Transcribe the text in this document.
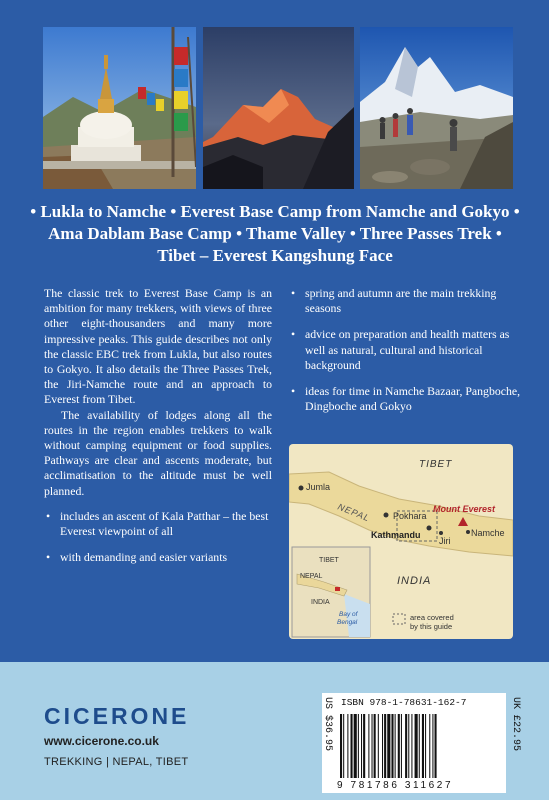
• Lukla to Namche • Everest Base Camp from Namche and Gokyo • Ama Dablam Base Camp • Thame Valley • Three Passes Trek • Tibet – Everest Kangshung Face

The classic trek to Everest Base Camp is an ambition for many trekkers, with views of three other eight-thousanders and many more impressive peaks. This guide describes not only the classic EBC trek from Lukla, but also routes to Gokyo. It also details the Three Passes Trek, the Jiri-Namche route and an approach to Everest from Tibet.

The availability of lodges along all the routes in the region enables trekkers to walk without camping equipment or food supplies. Pathways are clear and ascents moderate, but acclimatisation to the altitude must be well planned.

• includes an ascent of Kala Patthar – the best Everest viewpoint of all
• with demanding and easier variants
• spring and autumn are the main trekking seasons
• advice on preparation and health matters as well as natural, cultural and historical background
• ideas for time in Namche Bazaar, Pangboche, Dingboche and Gokyo
TIBET
Jumla
NEPAL Pokhara
Mount Everest
Kathmandu
Jiri
Namche
INDIA
TIBET
NEPAL
INDIA
Bay of
Bengal
area covered
by this guide
CICERONE
www.cicerone.co.uk
TREKKING | NEPAL, TIBET
ISBN 978-1-78631-162-7
9 781786 311627
US $36.95	UK £22.95
